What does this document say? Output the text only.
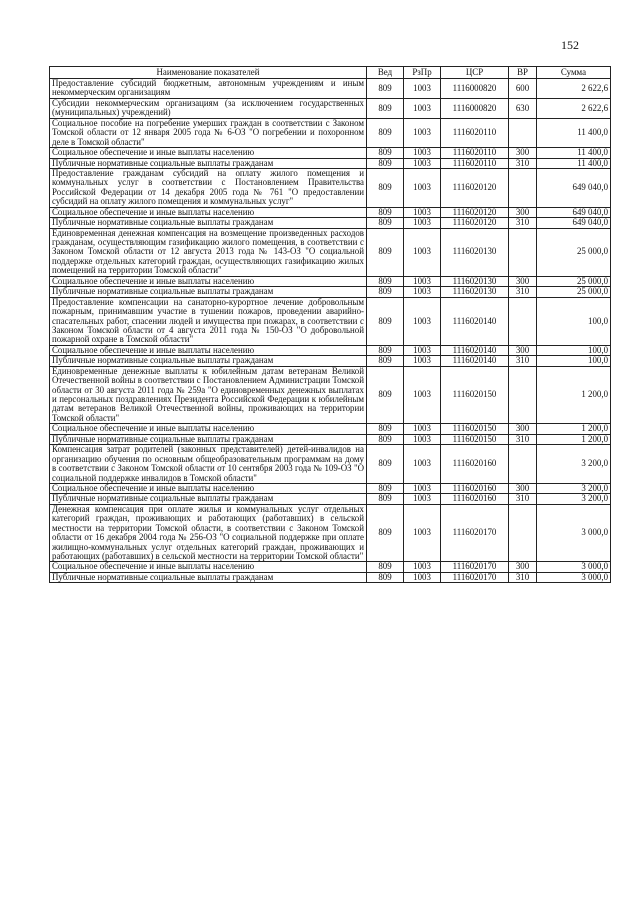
152
Наименование показателей	Вед	РзПр	ЦСР	ВР	Сумма
Предоставление субсидий бюджетным, автономным учреждениям и иным некоммерческим организациям	809	1003	1116000820	600	2 622,6
Субсидии некоммерческим организациям (за исключением государственных (муниципальных) учреждений)	809	1003	1116000820	630	2 622,6
Социальное пособие на погребение умерших граждан в соответствии с Законом Томской области от 12 января 2005 года № 6-ОЗ "О погребении и похоронном деле в Томской области"	809	1003	1116020110		11 400,0
Социальное обеспечение и иные выплаты населению	809	1003	1116020110	300	11 400,0
Публичные нормативные социальные выплаты гражданам	809	1003	1116020110	310	11 400,0
Предоставление гражданам субсидий на оплату жилого помещения и коммунальных услуг в соответствии с Постановлением Правительства Российской Федерации от 14 декабря 2005 года № 761 "О предоставлении субсидий на оплату жилого помещения и коммунальных услуг"	809	1003	1116020120		649 040,0
Социальное обеспечение и иные выплаты населению	809	1003	1116020120	300	649 040,0
Публичные нормативные социальные выплаты гражданам	809	1003	1116020120	310	649 040,0
Единовременная денежная компенсация на возмещение произведенных расходов гражданам, осуществляющим газификацию жилого помещения, в соответствии с Законом Томской области от 12 августа 2013 года № 143-ОЗ "О социальной поддержке отдельных категорий граждан, осуществляющих газификацию жилых помещений на территории Томской области"	809	1003	1116020130		25 000,0
Социальное обеспечение и иные выплаты населению	809	1003	1116020130	300	25 000,0
Публичные нормативные социальные выплаты гражданам	809	1003	1116020130	310	25 000,0
Предоставление компенсации на санаторно-курортное лечение добровольным пожарным, принимавшим участие в тушении пожаров, проведении аварийно-спасательных работ, спасении людей и имущества при пожарах, в соответствии с Законом Томской области от 4 августа 2011 года № 150-ОЗ "О добровольной пожарной охране в Томской области"	809	1003	1116020140		100,0
Социальное обеспечение и иные выплаты населению	809	1003	1116020140	300	100,0
Публичные нормативные социальные выплаты гражданам	809	1003	1116020140	310	100,0
Единовременные денежные выплаты к юбилейным датам ветеранам Великой Отечественной войны в соответствии с Постановлением Администрации Томской области от 30 августа 2011 года № 259а "О единовременных денежных выплатах и персональных поздравлениях Президента Российской Федерации к юбилейным датам ветеранов Великой Отечественной войны, проживающих на территории Томской области"	809	1003	1116020150		1 200,0
Социальное обеспечение и иные выплаты населению	809	1003	1116020150	300	1 200,0
Публичные нормативные социальные выплаты гражданам	809	1003	1116020150	310	1 200,0
Компенсация затрат родителей (законных представителей) детей-инвалидов на организацию обучения по основным общеобразовательным программам на дому в соответствии с Законом Томской области от 10 сентября 2003 года № 109-ОЗ "О социальной поддержке инвалидов в Томской области"	809	1003	1116020160		3 200,0
Социальное обеспечение и иные выплаты населению	809	1003	1116020160	300	3 200,0
Публичные нормативные социальные выплаты гражданам	809	1003	1116020160	310	3 200,0
Денежная компенсация при оплате жилья и коммунальных услуг отдельных категорий граждан, проживающих и работающих (работавших) в сельской местности на территории Томской области, в соответствии с Законом Томской области от 16 декабря 2004 года № 256-ОЗ "О социальной поддержке при оплате жилищно-коммунальных услуг отдельных категорий граждан, проживающих и работающих (работавших) в сельской местности на территории Томской области"	809	1003	1116020170		3 000,0
Социальное обеспечение и иные выплаты населению	809	1003	1116020170	300	3 000,0
Публичные нормативные социальные выплаты гражданам	809	1003	1116020170	310	3 000,0
